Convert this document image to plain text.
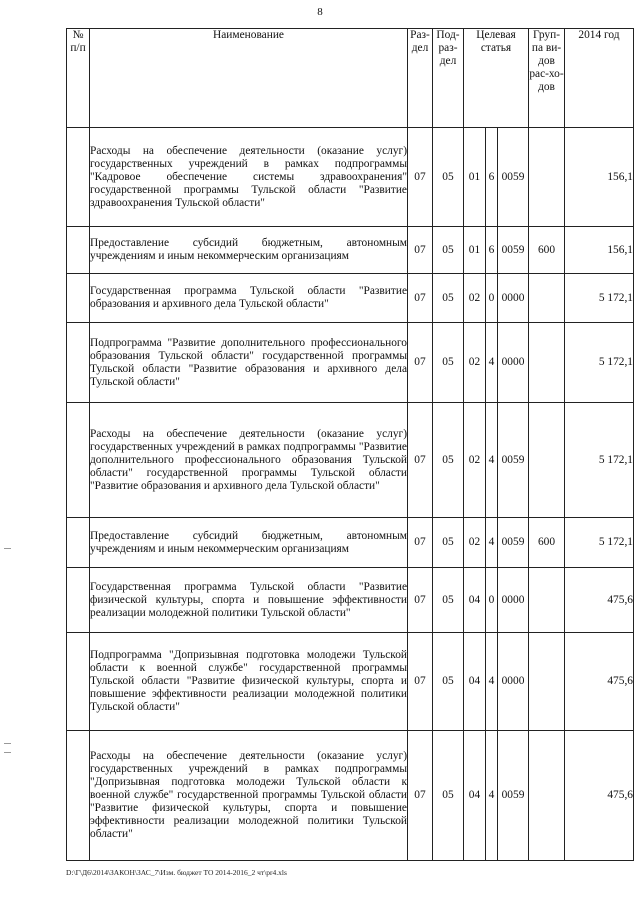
8
№ п/п	Наименование	Раз-дел	Под-раз-дел	Целевая статья			Груп-па ви-дов рас-хо-дов	2014 год
	Расходы на обеспечение деятельности (оказание услуг) государственных учреждений в рамках подпрограммы "Кадровое обеспечение системы здравоохранения" государственной программы Тульской области "Развитие здравоохранения Тульской области"	07	05	01	6	0059		156,1
	Предоставление субсидий бюджетным, автономным учреждениям и иным некоммерческим организациям	07	05	01	6	0059	600	156,1
	Государственная программа Тульской области "Развитие образования и архивного дела Тульской области"	07	05	02	0	0000		5 172,1
	Подпрограмма "Развитие дополнительного профессионального образования Тульской области" государственной программы Тульской области "Развитие образования и архивного дела Тульской области"	07	05	02	4	0000		5 172,1
	Расходы на обеспечение деятельности (оказание услуг) государственных учреждений в рамках подпрограммы "Развитие дополнительного профессионального образования Тульской области" государственной программы Тульской области "Развитие образования и архивного дела Тульской области"	07	05	02	4	0059		5 172,1
	Предоставление субсидий бюджетным, автономным учреждениям и иным некоммерческим организациям	07	05	02	4	0059	600	5 172,1
	Государственная программа Тульской области "Развитие физической культуры, спорта и повышение эффективности реализации молодежной политики Тульской области"	07	05	04	0	0000		475,6
	Подпрограмма "Допризывная подготовка молодежи Тульской области к военной службе" государственной программы Тульской области "Развитие физической культуры, спорта и повышение эффективности реализации молодежной политики Тульской области"	07	05	04	4	0000		475,6
	Расходы на обеспечение деятельности (оказание услуг) государственных учреждений в рамках подпрограммы "Допризывная подготовка молодежи Тульской области к военной службе" государственной программы Тульской области "Развитие физической культуры, спорта и повышение эффективности реализации молодежной политики Тульской области"	07	05	04	4	0059		475,6
D:\Г\Д6\2014\ЗАКОН\ЗАС_7\Изм. бюджет ТО 2014-2016_2 чт\pr4.xls
